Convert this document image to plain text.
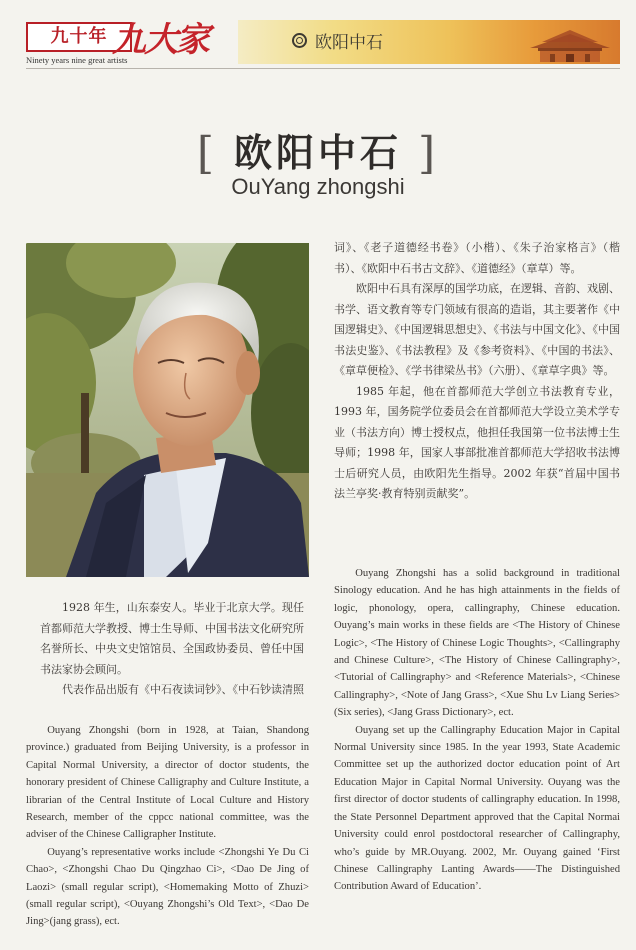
九十年 九大家
Ninety years nine great artists
欧阳中石
[ 欧阳中石 ]
OuYang zhongshi

1928 年生，山东泰安人。毕业于北京大学。现任首都师范大学教授、博士生导师、中国书法文化研究所名誉所长、中央文史馆馆员、全国政协委员、曾任中国书法家协会顾问。

代表作品出版有《中石夜读词钞》、《中石钞读清照

Ouyang Zhongshi (born in 1928, at Taian, Shandong province.) graduated from Beijing University, is a professor in Capital Normal University, a director of doctor students, the honorary president of Chinese Calligraphy and Culture Institute, a librarian of the Central Institute of Local Culture and History Research, member of the cppcc national committee, was the adviser of the Chinese Calligrapher Institute.

Ouyang’s representative works include <Zhongshi Ye Du Ci Chao>, <Zhongshi Chao Du Qingzhao Ci>, <Dao De Jing of Laozi> (small regular script), <Homemaking Motto of Zhuzi> (small regular script), <Ouyang Zhongshi’s Old Text>, <Dao De Jing>(jang grass), ect.

词》、《老子道德经书卷》（小楷）、《朱子治家格言》（楷书）、《欧阳中石书古文辞》、《道德经》（章草）等。

欧阳中石具有深厚的国学功底，在逻辑、音韵、戏剧、书学、语文教育等专门领域有很高的造诣，其主要著作《中国逻辑史》、《中国逻辑思想史》、《书法与中国文化》、《中国书法史鉴》、《书法教程》及《参考资料》、《中国的书法》、《章草便检》、《学书律梁丛书》（六册）、《章草字典》等。

1985 年起，他在首都师范大学创立书法教育专业，1993 年，国务院学位委员会在首都师范大学设立美术学专业（书法方向）博士授权点，他担任我国第一位书法博士生导师；1998 年，国家人事部批准首都师范大学招收书法博士后研究人员，由欧阳先生指导。2002 年获“首届中国书法兰亭奖·教育特别贡献奖”。

Ouyang Zhongshi has a solid background in traditional Sinology education. And he has high attainments in the fields of logic, phonology, opera, callingraphy, Chinese education. Ouyang’s main works in these fields are <The History of Chinese Logic>, <The History of Chinese Logic Thoughts>, <Callingraphy and Chinese Culture>, <The History of Chinese Callingraphy>, <Tutorial of Callingraphy> and <Reference Materials>, <Chinese Callingraphy>, <Note of Jang Grass>, <Xue Shu Lv Liang Series> (Six series), <Jang Grass Dictionary>, ect.

Ouyang set up the Callingraphy Education Major in Capital Normal University since 1985. In the year 1993, State Academic Committee set up the authorized doctor education point of Art Education Major in Capital Normal University. Ouyang was the first director of doctor students of callingraphy education. In 1998, the State Personnel Department approved that the Capital Normai University could enrol postdoctoral researcher of Callingraphy, who’s guide by MR.Ouyang. 2002, Mr. Ouyang gained ‘First Chinese Callingraphy Lanting Awards——The Distinguished Contribution Award of Education’.
